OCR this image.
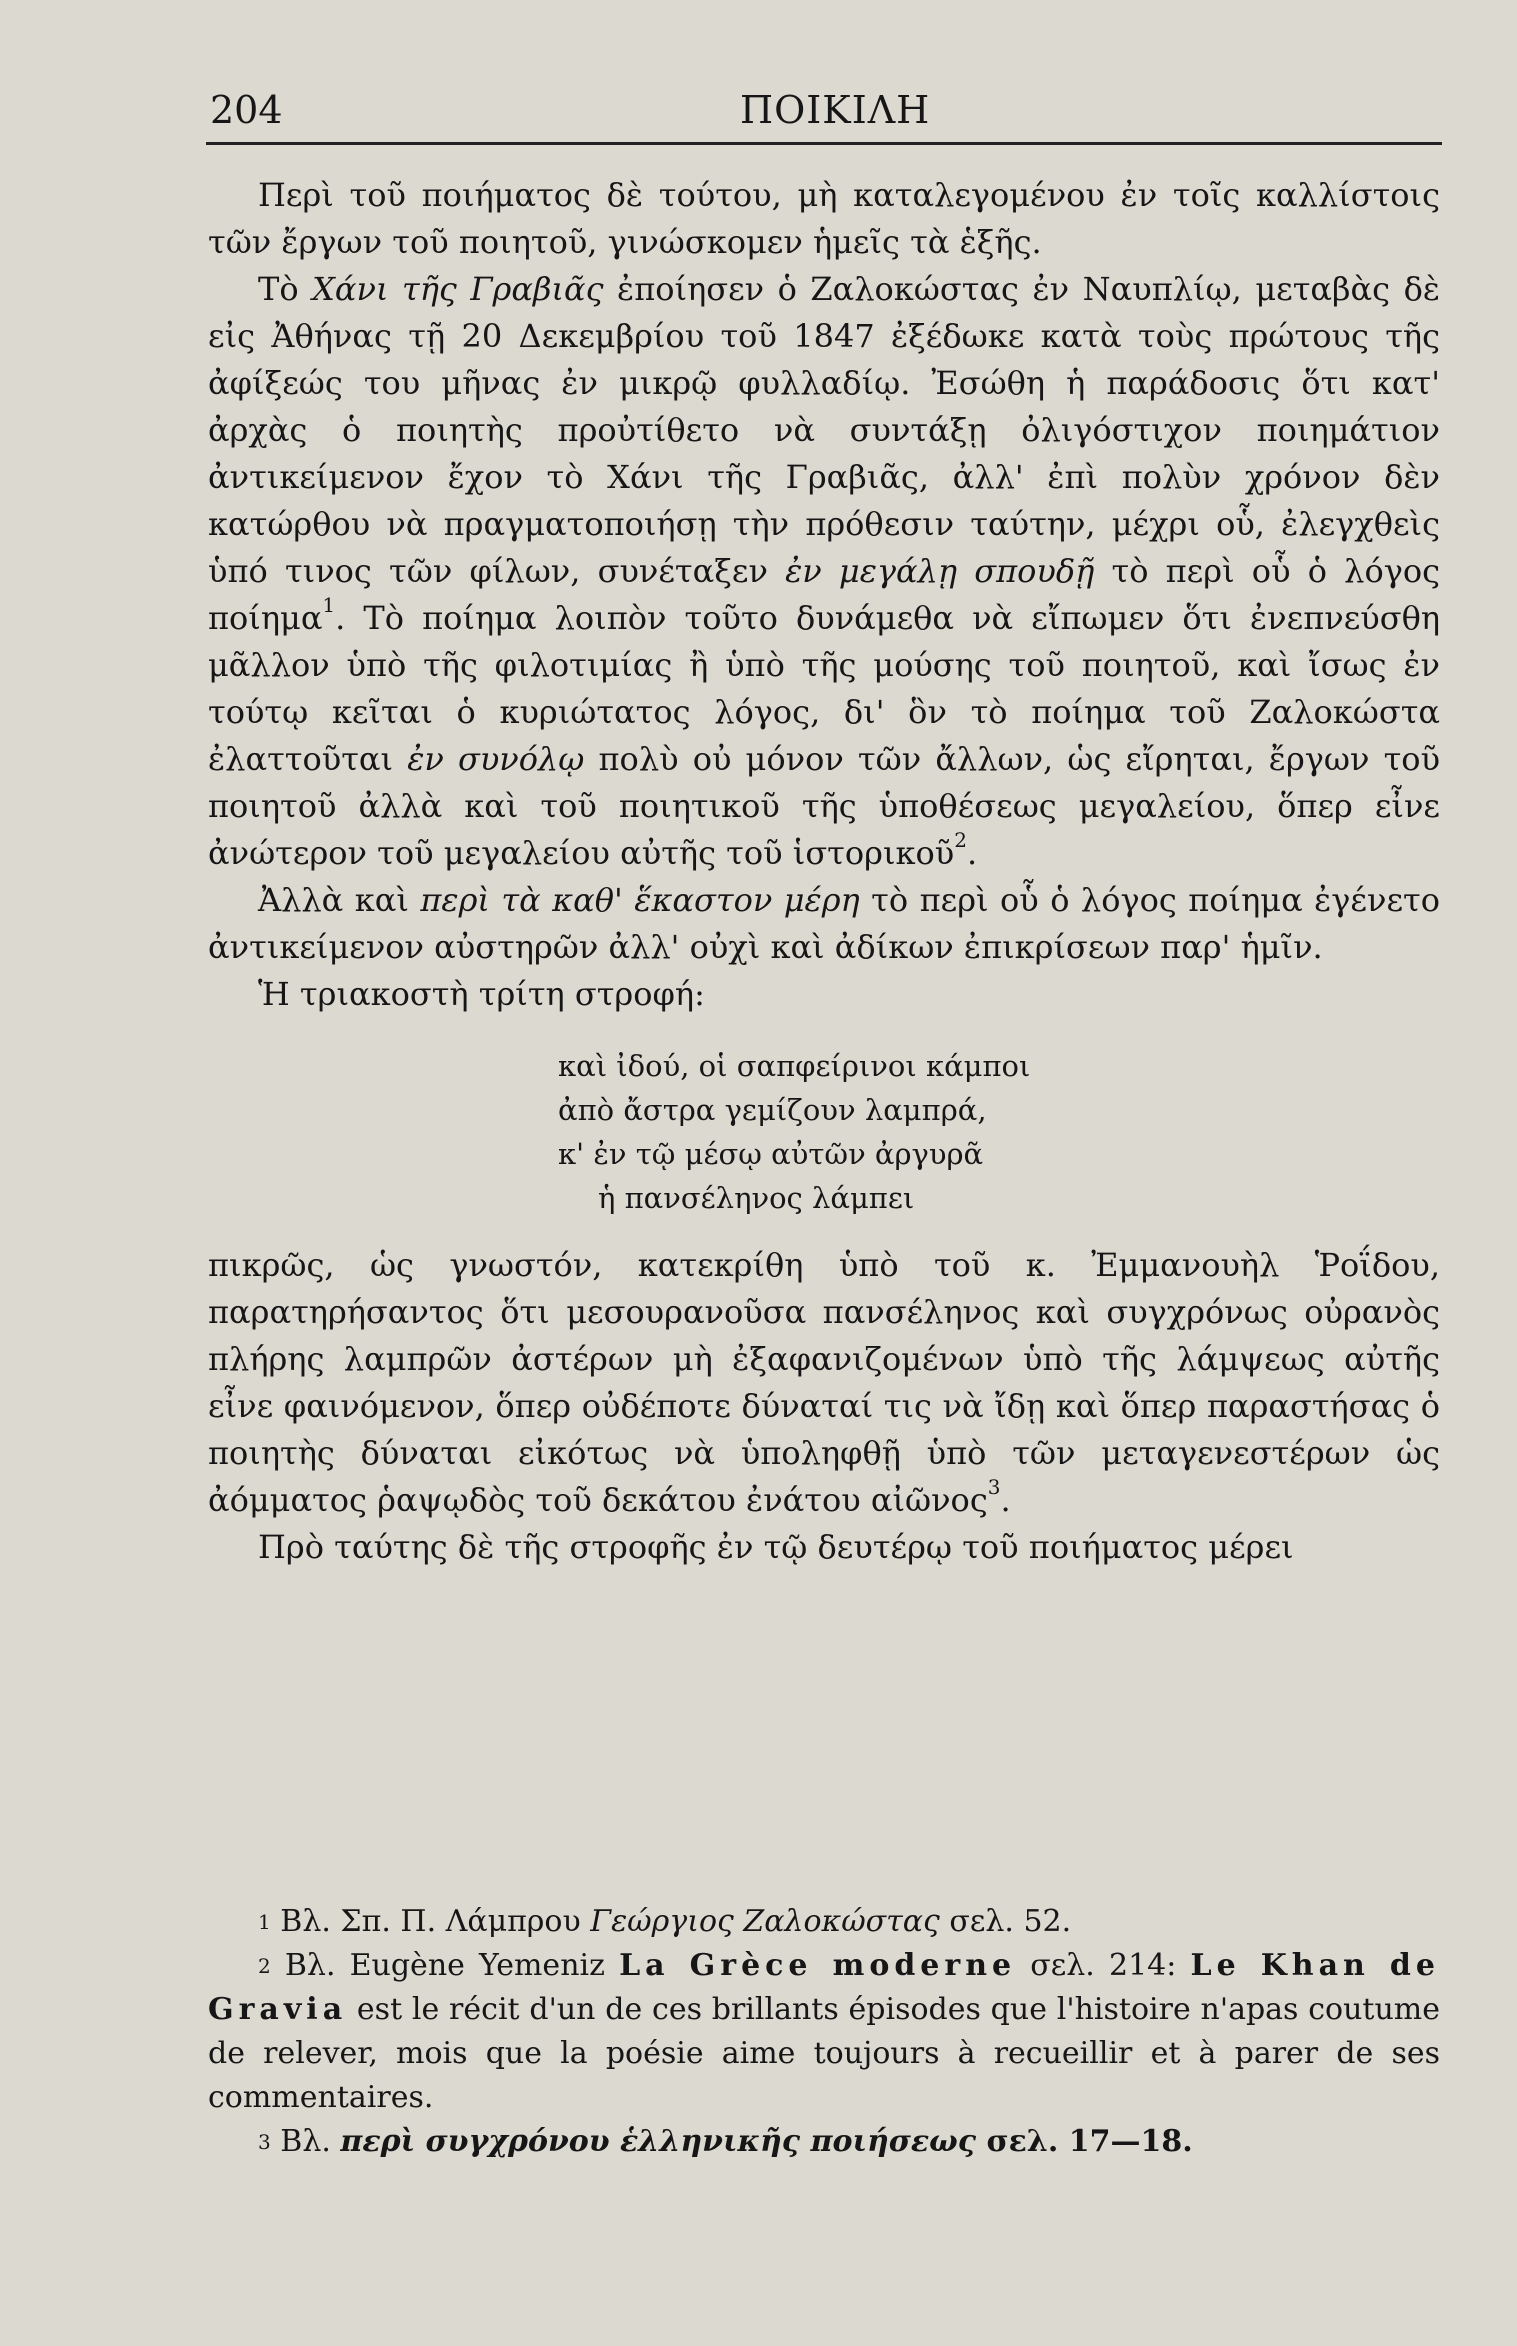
204	ΠΟΙΚΙΛΗ

Περὶ τοῦ ποιήματος δὲ τούτου, μὴ καταλεγομένου ἐν τοῖς καλλίστοις τῶν ἔργων τοῦ ποιητοῦ, γινώσκομεν ἡμεῖς τὰ ἑξῆς.

Τὸ Χάνι τῆς Γραβιᾶς ἐποίησεν ὁ Ζαλοκώστας ἐν Ναυπλίῳ, μεταβὰς δὲ εἰς Ἀθήνας τῇ 20 Δεκεμβρίου τοῦ 1847 ἐξέδωκε κατὰ τοὺς πρώτους τῆς ἀφίξεώς του μῆνας ἐν μικρῷ φυλλαδίῳ. Ἐσώθη ἡ παράδοσις ὅτι κατ' ἀρχὰς ὁ ποιητὴς προὐτίθετο νὰ συντάξῃ ὀλιγόστιχον ποιημάτιον ἀντικείμενον ἔχον τὸ Χάνι τῆς Γραβιᾶς, ἀλλ' ἐπὶ πολὺν χρόνον δὲν κατώρθου νὰ πραγματοποιήσῃ τὴν πρόθεσιν ταύτην, μέχρι οὗ, ἐλεγχθεὶς ὑπό τινος τῶν φίλων, συνέταξεν ἐν μεγάλῃ σπουδῇ τὸ περὶ οὗ ὁ λόγος ποίημα$^1$. Τὸ ποίημα λοιπὸν τοῦτο δυνάμεθα νὰ εἴπωμεν ὅτι ἐνεπνεύσθη μᾶλλον ὑπὸ τῆς φιλοτιμίας ἢ ὑπὸ τῆς μούσης τοῦ ποιητοῦ, καὶ ἴσως ἐν τούτῳ κεῖται ὁ κυριώτατος λόγος, δι' ὃν τὸ ποίημα τοῦ Ζαλοκώστα ἐλαττοῦται ἐν συνόλῳ πολὺ οὐ μόνον τῶν ἄλλων, ὡς εἴρηται, ἔργων τοῦ ποιητοῦ ἀλλὰ καὶ τοῦ ποιητικοῦ τῆς ὑποθέσεως μεγαλείου, ὅπερ εἶνε ἀνώτερον τοῦ μεγαλείου αὐτῆς τοῦ ἱστορικοῦ$^2$.

Ἀλλὰ καὶ περὶ τὰ καθ' ἕκαστον μέρη τὸ περὶ οὗ ὁ λόγος ποίημα ἐγένετο ἀντικείμενον αὐστηρῶν ἀλλ' οὐχὶ καὶ ἀδίκων ἐπικρίσεων παρ' ἡμῖν.

Ἡ τριακοστὴ τρίτη στροφή:

καὶ ἰδού, οἱ σαπφείρινοι κάμποι
ἀπὸ ἄστρα γεμίζουν λαμπρά,
κ' ἐν τῷ μέσῳ αὐτῶν ἀργυρᾶ
ἡ πανσέληνος λάμπει

πικρῶς, ὡς γνωστόν, κατεκρίθη ὑπὸ τοῦ κ. Ἐμμανουὴλ Ῥοΐδου, παρατηρήσαντος ὅτι μεσουρανοῦσα πανσέληνος καὶ συγχρόνως οὐρανὸς πλήρης λαμπρῶν ἀστέρων μὴ ἐξαφανιζομένων ὑπὸ τῆς λάμψεως αὐτῆς εἶνε φαινόμενον, ὅπερ οὐδέποτε δύναταί τις νὰ ἴδῃ καὶ ὅπερ παραστήσας ὁ ποιητὴς δύναται εἰκότως νὰ ὑποληφθῇ ὑπὸ τῶν μεταγενεστέρων ὡς ἀόμματος ῥαψῳδὸς τοῦ δεκάτου ἐνάτου αἰῶνος$^3$.

Πρὸ ταύτης δὲ τῆς στροφῆς ἐν τῷ δευτέρῳ τοῦ ποιήματος μέρει

$^1$ Βλ. Σπ. Π. Λάμπρου Γεώργιος Ζαλοκώστας σελ. 52.

$^2$ Βλ. Eugène Yemeniz La Grèce moderne σελ. 214: Le Khan de Gravia est le récit d'un de ces brillants épisodes que l'histoire n'apas coutume de relever, mois que la poésie aime toujours à recueillir et à parer de ses commentaires.

$^3$ Βλ. περὶ συγχρόνου ἑλληνικῆς ποιήσεως σελ. 17—18.
